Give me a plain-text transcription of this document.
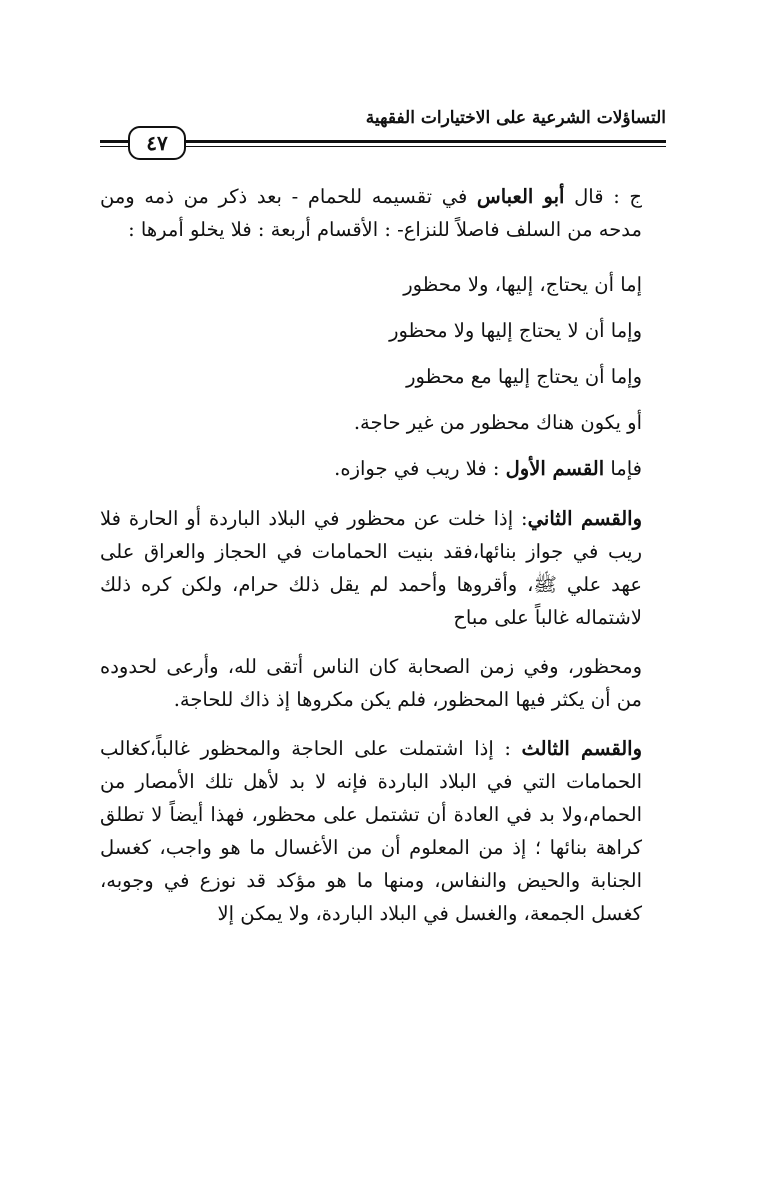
التساؤلات الشرعية على الاختيارات الفقهية
٤٧

ج : قال أبو العباس في تقسيمه للحمام - بعد ذكر من ذمه ومن مدحه من السلف فاصلاً للنزاع- : الأقسام أربعة : فلا يخلو أمرها :

إما أن يحتاج، إليها، ولا محظور

وإما أن لا يحتاج إليها ولا محظور

وإما أن يحتاج إليها مع محظور

أو يكون هناك محظور من غير حاجة.

فإما القسم الأول : فلا ريب في جوازه.

والقسم الثاني: إذا خلت عن محظور في البلاد الباردة أو الحارة فلا ريب في جواز بنائها،فقد بنيت الحمامات في الحجاز والعراق على عهد علي ﷺ، وأقروها وأحمد لم يقل ذلك حرام، ولكن كره ذلك لاشتماله غالباً على مباح

ومحظور، وفي زمن الصحابة كان الناس أتقى لله، وأرعى لحدوده من أن يكثر فيها المحظور، فلم يكن مكروها إذ ذاك للحاجة.

والقسم الثالث : إذا اشتملت على الحاجة والمحظور غالباً،كغالب الحمامات التي في البلاد الباردة فإنه لا بد لأهل تلك الأمصار من الحمام،ولا بد في العادة أن تشتمل على محظور، فهذا أيضاً لا تطلق كراهة بنائها ؛ إذ من المعلوم أن من الأغسال ما هو واجب، كغسل الجنابة والحيض والنفاس، ومنها ما هو مؤكد قد نوزع في وجوبه، كغسل الجمعة، والغسل في البلاد الباردة، ولا يمكن إلا
